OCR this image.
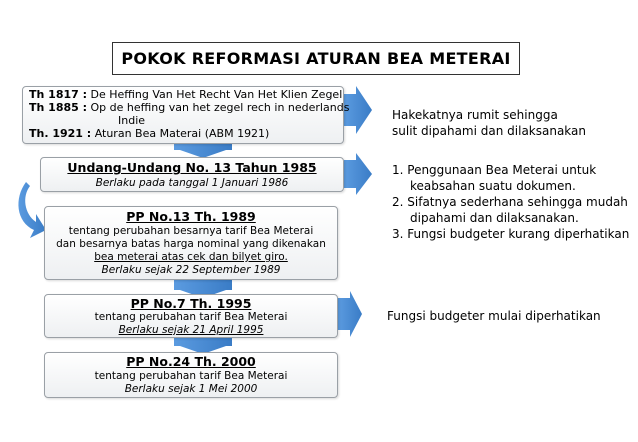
POKOK REFORMASI ATURAN BEA METERAI
Th 1817 : De Heffing Van Het Recht Van Het Klien Zegel
Th 1885 : Op de heffing van het zegel rech in nederlands
Indie
Th. 1921 : Aturan Bea Materai (ABM 1921)
Undang-Undang No. 13 Tahun 1985
Berlaku pada tanggal 1 Januari 1986
PP No.13 Th. 1989
tentang perubahan besarnya tarif Bea Meterai
dan besarnya batas harga nominal yang dikenakan
bea meterai atas cek dan bilyet giro.
Berlaku sejak 22 September 1989
PP No.7 Th. 1995
tentang perubahan tarif Bea Meterai
Berlaku sejak 21 April 1995
PP No.24 Th. 2000
tentang perubahan tarif Bea Meterai
Berlaku sejak 1 Mei 2000
Hakekatnya rumit sehingga
sulit dipahami dan dilaksanakan
1. Penggunaan Bea Meterai untuk
keabsahan suatu dokumen.
2. Sifatnya sederhana sehingga mudah
dipahami dan dilaksanakan.
3. Fungsi budgeter kurang diperhatikan
Fungsi budgeter mulai diperhatikan
